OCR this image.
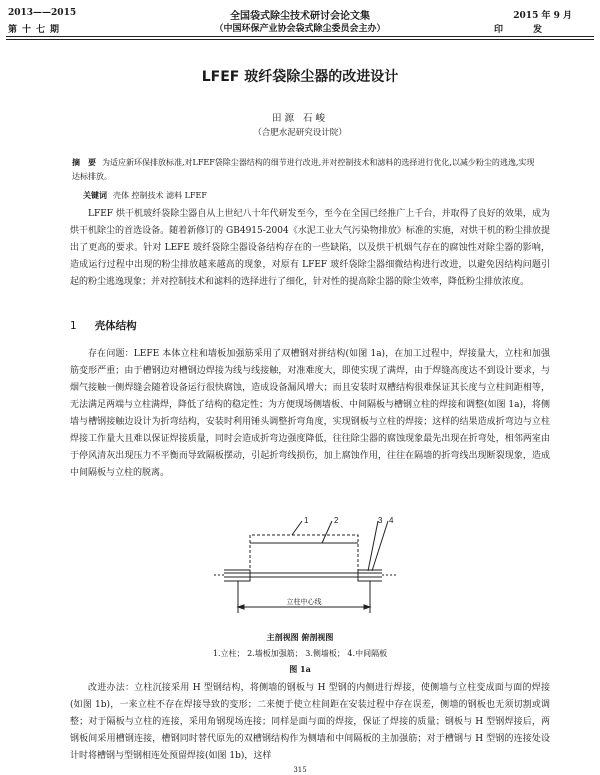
2013——2015
第十七期
全国袋式除尘技术研讨会论文集
（中国环保产业协会袋式除尘委员会主办）
2015 年 9 月
印发
LFEF 玻纤袋除尘器的改进设计
田源 石峻
（合肥水泥研究设计院）
摘　要 为适应新环保排放标准,对LFEF袋除尘器结构的细节进行改进,并对控制技术和滤料的选择进行优化,以减少粉尘的逃逸,实现达标排放。
关键词 壳体 控制技术 滤料 LFEF

LFEF 烘干机玻纤袋除尘器自从上世纪八十年代研发至今，至今在全国已经推广上千台，并取得了良好的效果，成为烘干机除尘的首选设备。随着新修订的 GB4915-2004《水泥工业大气污染物排放》标准的实施，对烘干机的粉尘排放提出了更高的要求。针对 LEFE 玻纤袋除尘器设备结构存在的一些缺陷，以及烘干机烟气存在的腐蚀性对除尘器的影响，造成运行过程中出现的粉尘排放越来越高的现象，对原有 LFEF 玻纤袋除尘器细微结构进行改进，以避免因结构问题引起的粉尘逃逸现象；并对控制技术和滤料的选择进行了细化，针对性的提高除尘器的除尘效率，降低粉尘排放浓度。

1 壳体结构

存在问题：LEFE 本体立柱和墙板加强筋采用了双槽钢对拼结构(如图 1a)，在加工过程中，焊接量大，立柱和加强筋变形严重；由于槽钢边对槽钢边焊接为线与线接触，对准难度大，即使实现了满焊，由于焊缝高度达不到设计要求，与烟气接触一侧焊缝会随着设备运行很快腐蚀，造成设备漏风增大；而且安装时双槽结构很难保证其长度与立柱间距相等，无法满足两端与立柱满焊，降低了结构的稳定性；为方便现场侧墙板、中间隔板与槽钢立柱的焊接和调整(如图 1a)，将侧墙与槽钢接触边设计为折弯结构，安装时利用锤头调整折弯角度，实现钢板与立柱的焊接；这样的结果造成折弯边与立柱焊接工作量大且难以保证焊接质量，同时会造成折弯边强度降低，往往除尘器的腐蚀现象最先出现在折弯处，相邻两室由于停风清灰出现压力不平衡而导致隔板摆动，引起折弯线损伤，加上腐蚀作用，往往在隔墙的折弯线出现断裂现象，造成中间隔板与立柱的脱离。

1	2	3 4
立柱中心线
主剖视图 俯剖视图
1.立柱； 2.墙板加强筋； 3.侧墙板； 4.中间隔板
图 1a

改进办法：立柱沉接采用 H 型钢结构，将侧墙的钢板与 H 型钢的内侧进行焊接，使侧墙与立柱变成面与面的焊接(如图 1b)，一来立柱不存在焊接导致的变形；二来便于使立柱间距在安装过程中存在误差，侧墙的钢板也无须切割或调整；对于隔板与立柱的连接，采用角钢现场连接；同样是面与面的焊接，保证了焊接的质量；钢板与 H 型钢焊接后，两钢板间采用槽钢连接，槽钢同时替代原先的双槽钢结构作为侧墙和中间隔板的主加强筋；对于槽钢与 H 型钢的连接处设计时将槽钢与型钢相连处预留焊接(如图 1b)，这样

315
